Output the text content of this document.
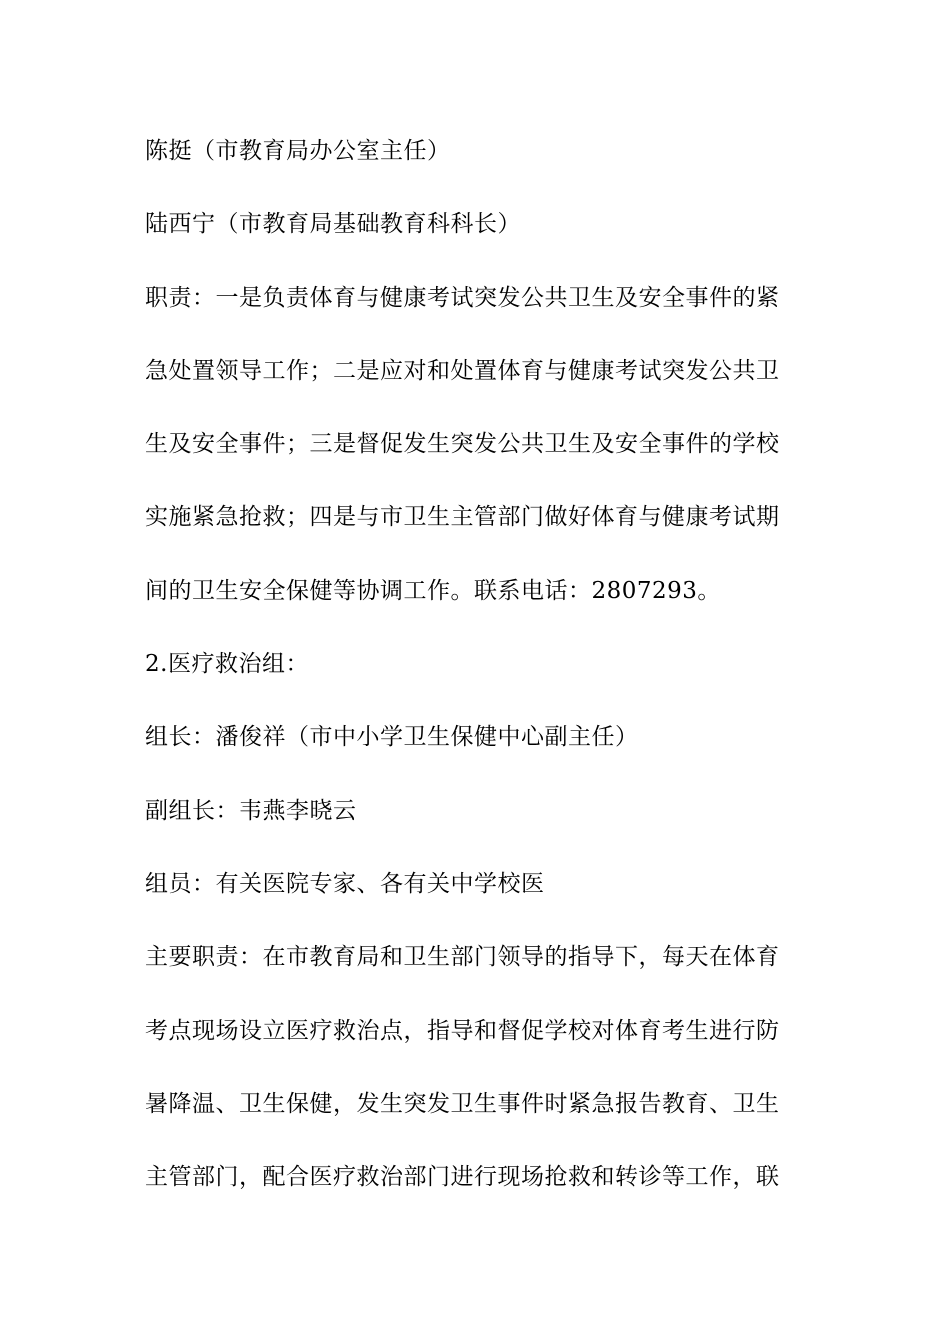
陈挺（市教育局办公室主任）
陆西宁（市教育局基础教育科科长）
职责：一是负责体育与健康考试突发公共卫生及安全事件的紧
急处置领导工作；二是应对和处置体育与健康考试突发公共卫
生及安全事件；三是督促发生突发公共卫生及安全事件的学校
实施紧急抢救；四是与市卫生主管部门做好体育与健康考试期
间的卫生安全保健等协调工作。联系电话：2807293。
2.医疗救治组：
组长：潘俊祥（市中小学卫生保健中心副主任）
副组长：韦燕李晓云
组员：有关医院专家、各有关中学校医
主要职责：在市教育局和卫生部门领导的指导下，每天在体育
考点现场设立医疗救治点，指导和督促学校对体育考生进行防
暑降温、卫生保健，发生突发卫生事件时紧急报告教育、卫生
主管部门，配合医疗救治部门进行现场抢救和转诊等工作，联
